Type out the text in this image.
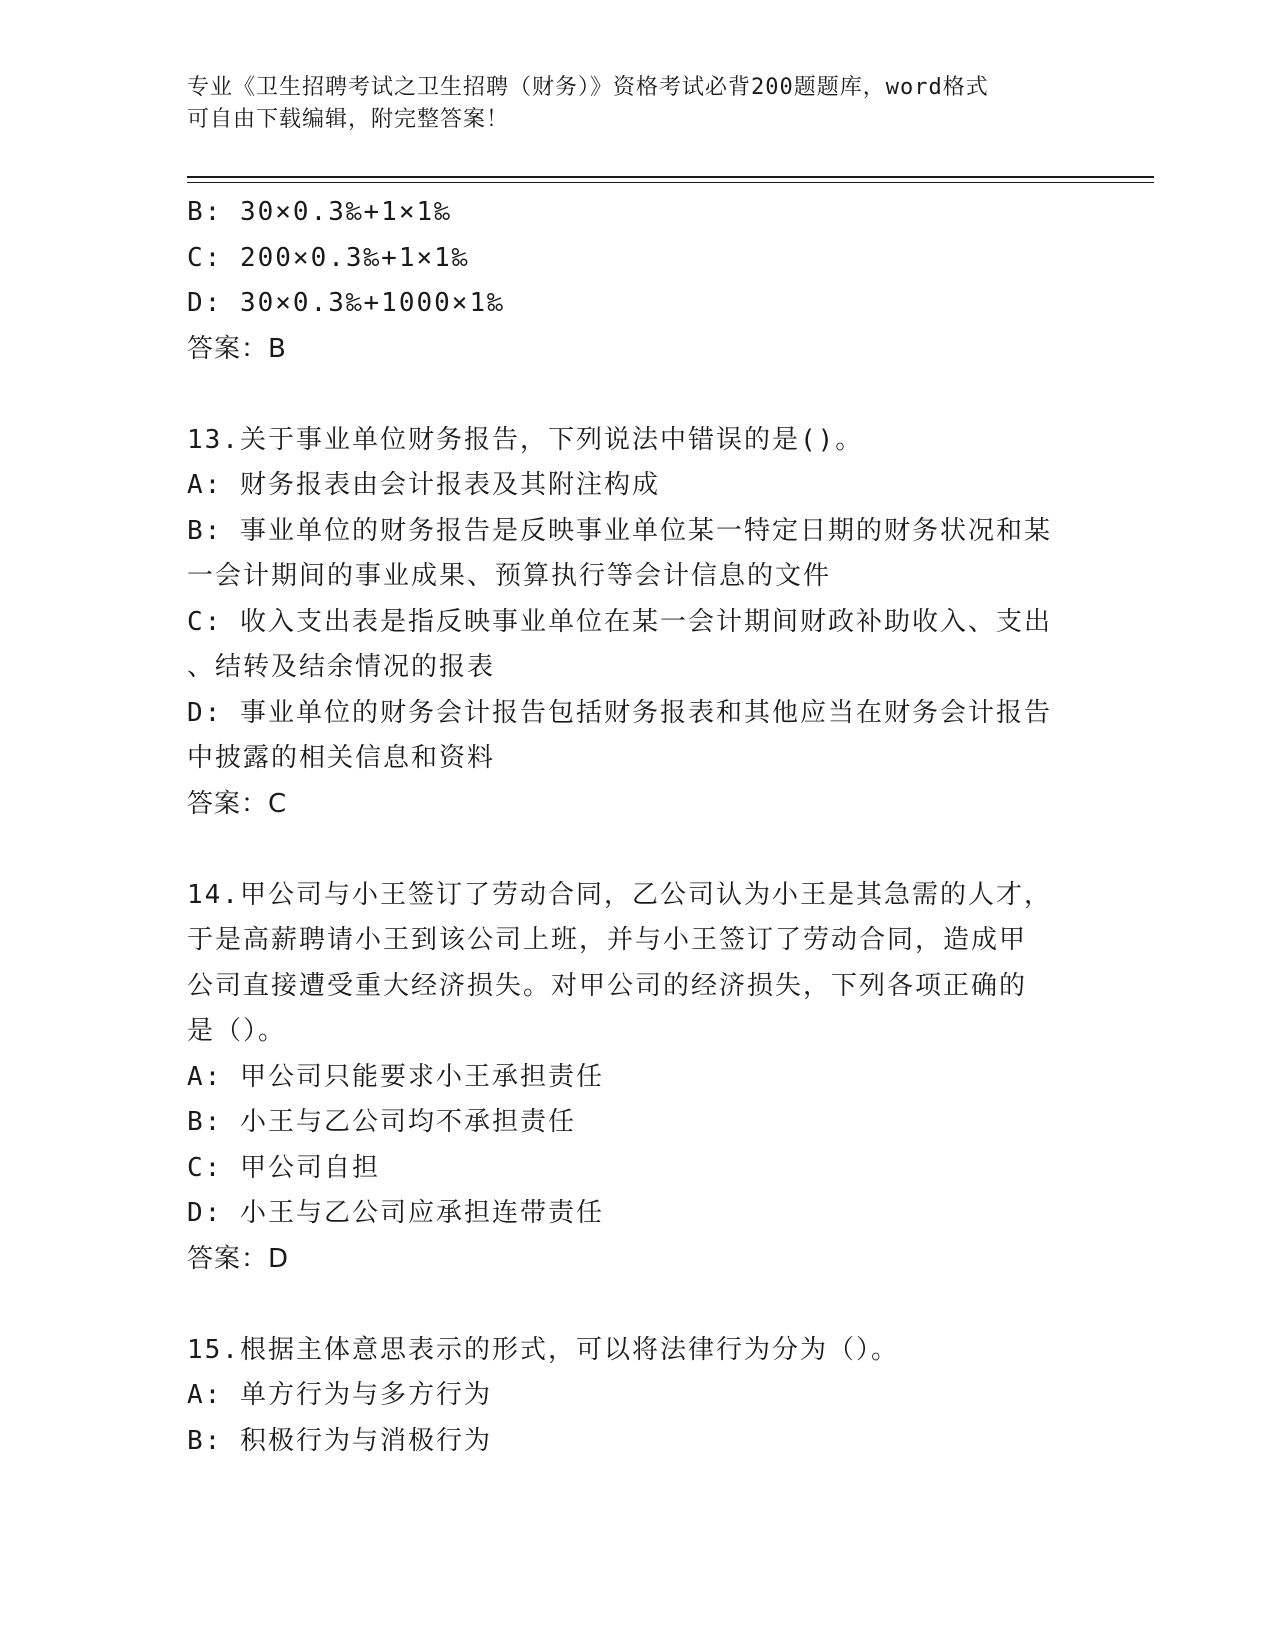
专业《卫生招聘考试之卫生招聘（财务）》资格考试必背200题题库，word格式
可自由下载编辑，附完整答案！
B: 30×0.3‰+1×1‰
C: 200×0.3‰+1×1‰
D: 30×0.3‰+1000×1‰
答案：B
13.关于事业单位财务报告，下列说法中错误的是()。
A: 财务报表由会计报表及其附注构成
B: 事业单位的财务报告是反映事业单位某一特定日期的财务状况和某
一会计期间的事业成果、预算执行等会计信息的文件
C: 收入支出表是指反映事业单位在某一会计期间财政补助收入、支出
、结转及结余情况的报表
D: 事业单位的财务会计报告包括财务报表和其他应当在财务会计报告
中披露的相关信息和资料
答案：C
14.甲公司与小王签订了劳动合同，乙公司认为小王是其急需的人才，
于是高薪聘请小王到该公司上班，并与小王签订了劳动合同，造成甲
公司直接遭受重大经济损失。对甲公司的经济损失，下列各项正确的
是（）。
A: 甲公司只能要求小王承担责任
B: 小王与乙公司均不承担责任
C: 甲公司自担
D: 小王与乙公司应承担连带责任
答案：D
15.根据主体意思表示的形式，可以将法律行为分为（）。
A: 单方行为与多方行为
B: 积极行为与消极行为
